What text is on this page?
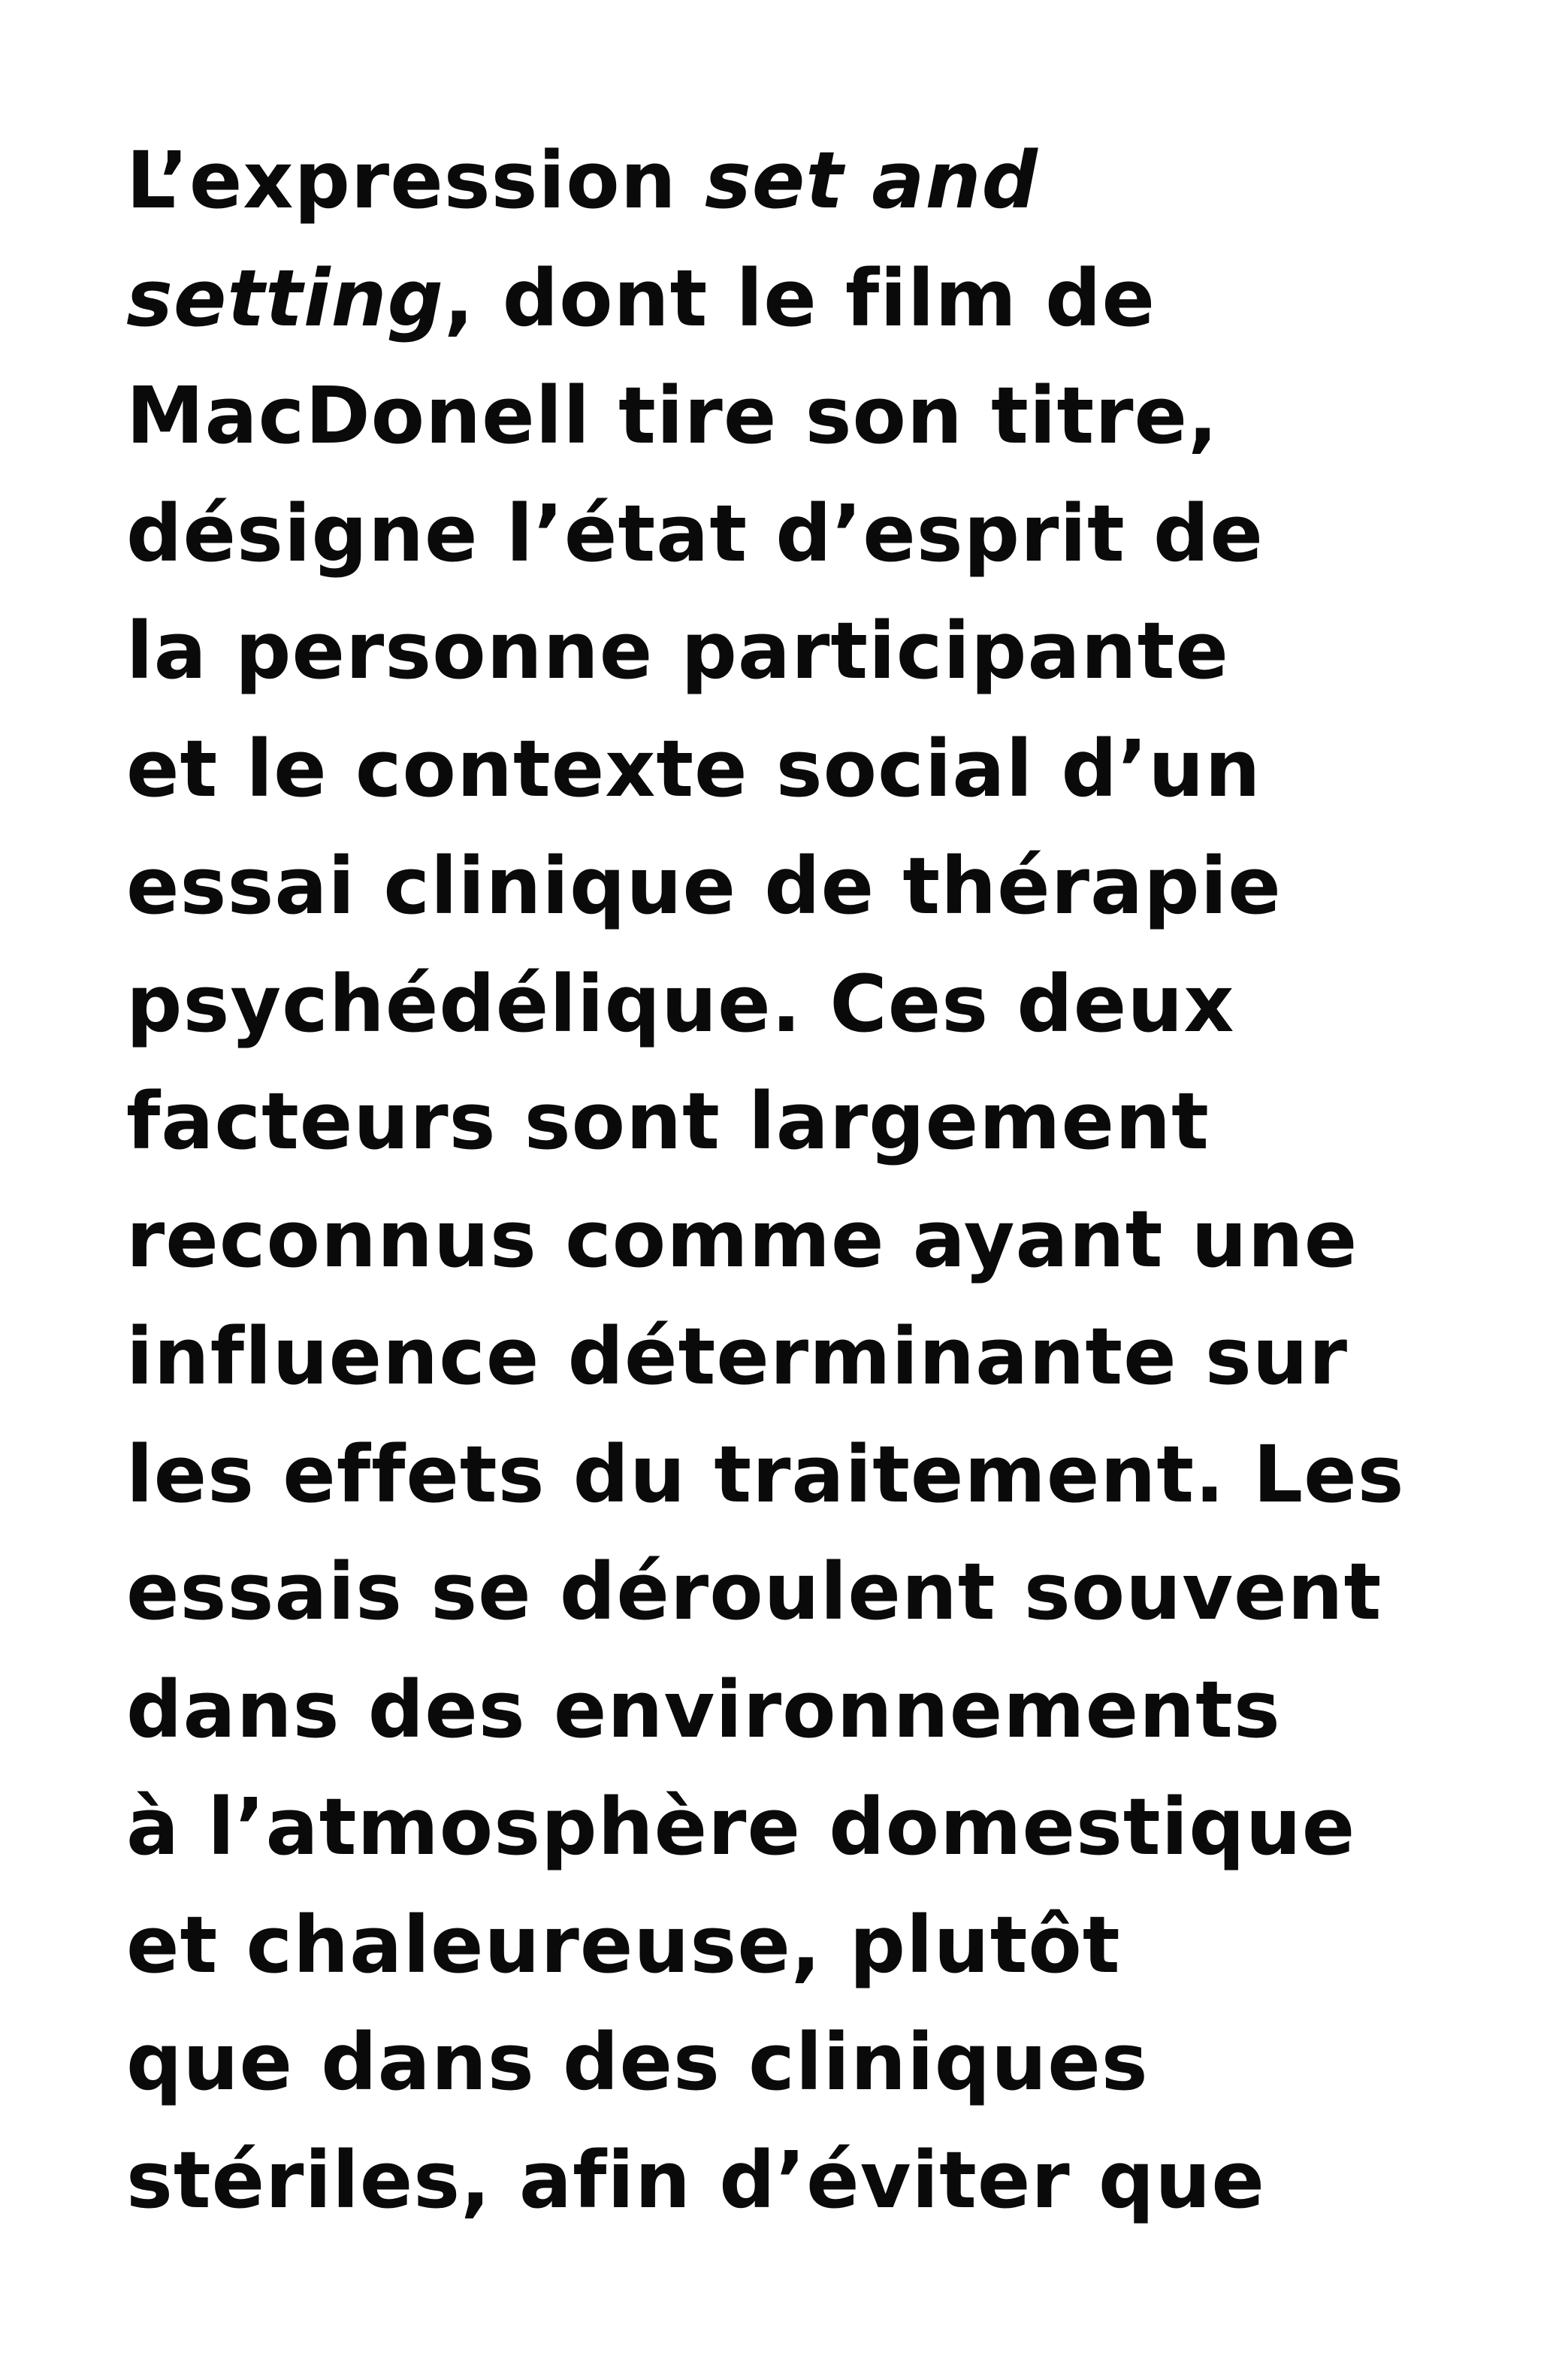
L’expression set and
setting, dont le film de
MacDonell tire son titre,
désigne l’état d’esprit de
la personne participante
et le contexte social d’un
essai clinique de thérapie
psychédélique. Ces deux
facteurs sont largement
reconnus comme ayant une
influence déterminante sur
les effets du traitement. Les
essais se déroulent souvent
dans des environnements
à l’atmosphère domestique
et chaleureuse, plutôt
que dans des cliniques
stériles, afin d’éviter que
